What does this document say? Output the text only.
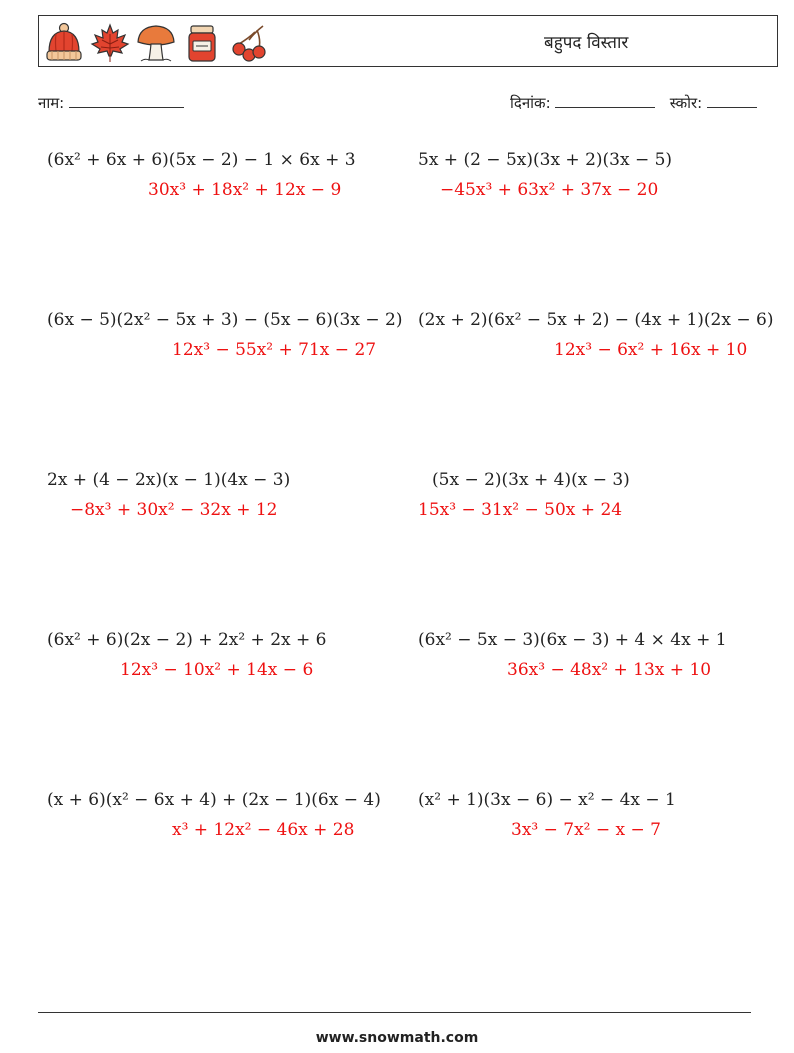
बहुपद विस्तार
नाम:	दिनांक:	स्कोर:
(6x² + 6x + 6)(5x − 2) − 1 × 6x + 3
30x³ + 18x² + 12x − 9
5x + (2 − 5x)(3x + 2)(3x − 5)
−45x³ + 63x² + 37x − 20
(6x − 5)(2x² − 5x + 3) − (5x − 6)(3x − 2)
12x³ − 55x² + 71x − 27
(2x + 2)(6x² − 5x + 2) − (4x + 1)(2x − 6)
12x³ − 6x² + 16x + 10
2x + (4 − 2x)(x − 1)(4x − 3)
−8x³ + 30x² − 32x + 12
(5x − 2)(3x + 4)(x − 3)
15x³ − 31x² − 50x + 24
(6x² + 6)(2x − 2) + 2x² + 2x + 6
12x³ − 10x² + 14x − 6
(6x² − 5x − 3)(6x − 3) + 4 × 4x + 1
36x³ − 48x² + 13x + 10
(x + 6)(x² − 6x + 4) + (2x − 1)(6x − 4)
x³ + 12x² − 46x + 28
(x² + 1)(3x − 6) − x² − 4x − 1
3x³ − 7x² − x − 7
www.snowmath.com
